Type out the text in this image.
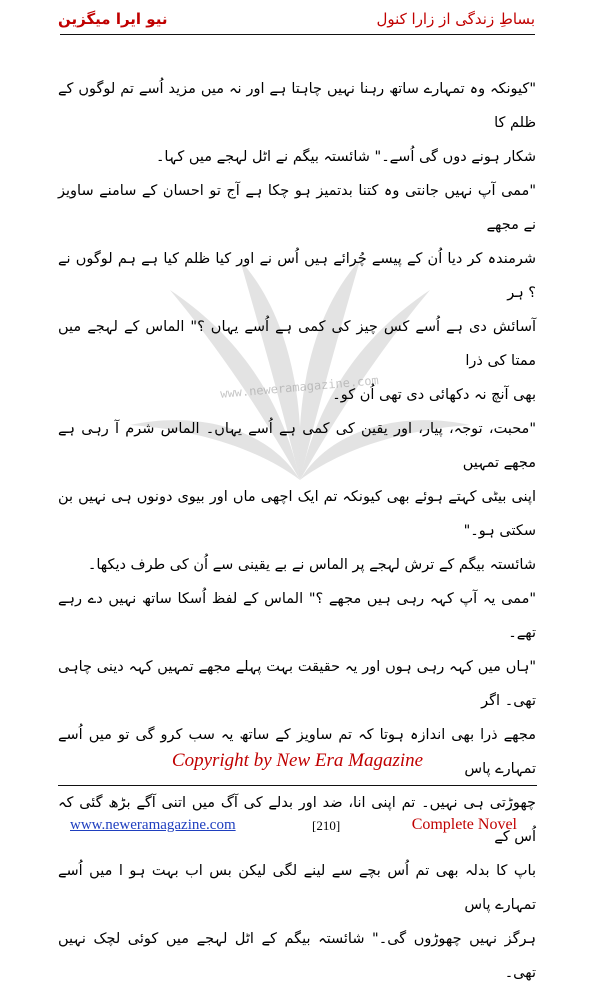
بساطِ زندگی از زارا کنول
نیو ایرا میگزین
www.neweramagazine.com

"کیونکہ وہ تمہارے ساتھ رہنا نہیں چاہتا ہے اور نہ میں مزید اُسے تم لوگوں کے ظلم کا

شکار ہونے دوں گی اُسے۔" شائستہ بیگم نے اٹل لہجے میں کہا۔

"ممی آپ نہیں جانتی وہ کتنا بدتمیز ہو چکا ہے آج تو احسان کے سامنے ساویز نے مجھے

شرمندہ کر دیا اُن کے پیسے چُرائے ہیں اُس نے اور کیا ظلم کیا ہے ہم لوگوں نے ؟ ہر

آسائش دی ہے اُسے کس چیز کی کمی ہے اُسے یہاں ؟" الماس کے لہجے میں ممتا کی ذرا

بھی آنچ نہ دکھائی دی تھی اُن کو۔

"محبت، توجہ، پیار، اور یقین کی کمی ہے اُسے یہاں۔ الماس شرم آ رہی ہے مجھے تمہیں

اپنی بیٹی کہتے ہوئے بھی کیونکہ تم ایک اچھی ماں اور بیوی دونوں ہی نہیں بن سکتی ہو۔"

شائستہ بیگم کے ترش لہجے پر الماس نے بے یقینی سے اُن کی طرف دیکھا۔

"ممی یہ آپ کہہ رہی ہیں مجھے ؟" الماس کے لفظ اُسکا ساتھ نہیں دے رہے تھے۔

"ہاں میں کہہ رہی ہوں اور یہ حقیقت بہت پہلے مجھے تمہیں کہہ دینی چاہی تھی۔ اگر

مجھے ذرا بھی اندازہ ہوتا کہ تم ساویز کے ساتھ یہ سب کرو گی تو میں اُسے تمہارے پاس

چھوڑتی ہی نہیں۔ تم اپنی انا، ضد اور بدلے کی آگ میں اتنی آگے بڑھ گئی کہ اُس کے

باپ کا بدلہ بھی تم اُس بچے سے لینے لگی لیکن بس اب بہت ہو ا میں اُسے تمہارے پاس

ہرگز نہیں چھوڑوں گی۔" شائستہ بیگم کے اٹل لہجے میں کوئی لچک نہیں تھی۔

Copyright by New Era Magazine
www.neweramagazine.com	[210]	Complete Novel
